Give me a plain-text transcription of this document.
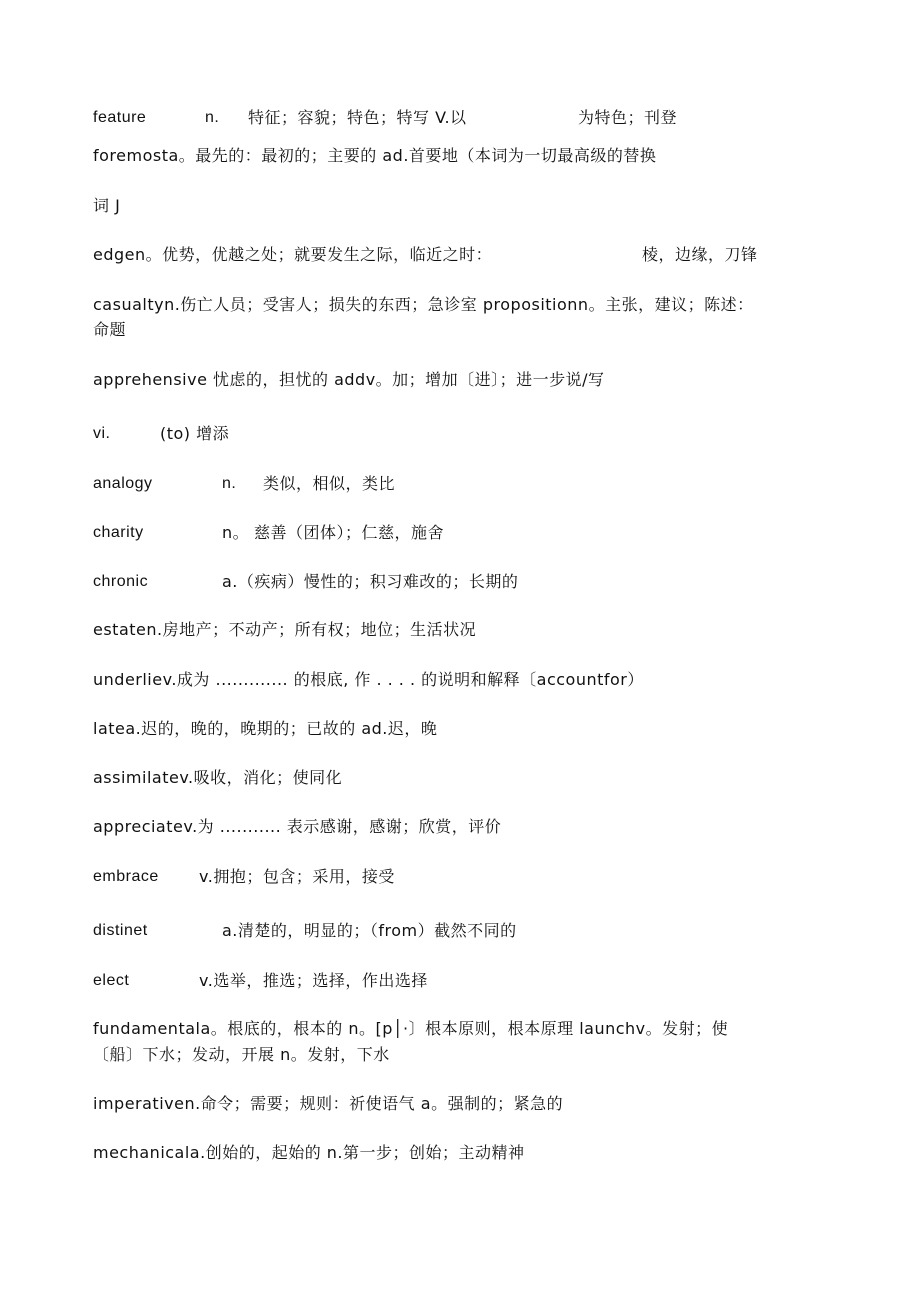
feature	n. 特征；容貌；特色；特写 V.以	为特色；刊登
foremosta。最先的：最初的；主要的 ad.首要地（本词为一切最高级的替换
词 J
edgen。优势，优越之处；就要发生之际，临近之时：	棱，边缘，刀锋
casualtyn.伤亡人员；受害人；损失的东西；急诊室 propositionn。主张，建议；陈述：
命题
apprehensive 忧虑的，担忧的 addv。加；增加〔进〕；进一步说/写
vi.	(to) 增添
analogy	n. 类似，相似，类比
charity	n。 慈善（团体）；仁慈，施舍
chronic	a.（疾病）慢性的；积习难改的；长期的
estaten.房地产；不动产；所有权；地位；生活状况
underliev.成为 ............. 的根底, 作 . . . . 的说明和解释〔accountfor）
latea.迟的，晚的，晚期的；已故的 ad.迟，晚
assimilatev.吸收，消化；使同化
appreciatev.为 ........... 表示感谢，感谢；欣赏，评价
embrace	v.拥抱；包含；采用，接受
distinet	a.清楚的，明显的；（from）截然不同的
elect	v.选举，推选；选择，作出选择
fundamentala。根底的，根本的 n。[p│·〕根本原则，根本原理 launchv。发射；使
〔船〕下水；发动，开展 n。发射，下水
imperativen.命令；需要；规则：祈使语气 a。强制的；紧急的
mechanicala.创始的，起始的 n.第一步；创始；主动精神
